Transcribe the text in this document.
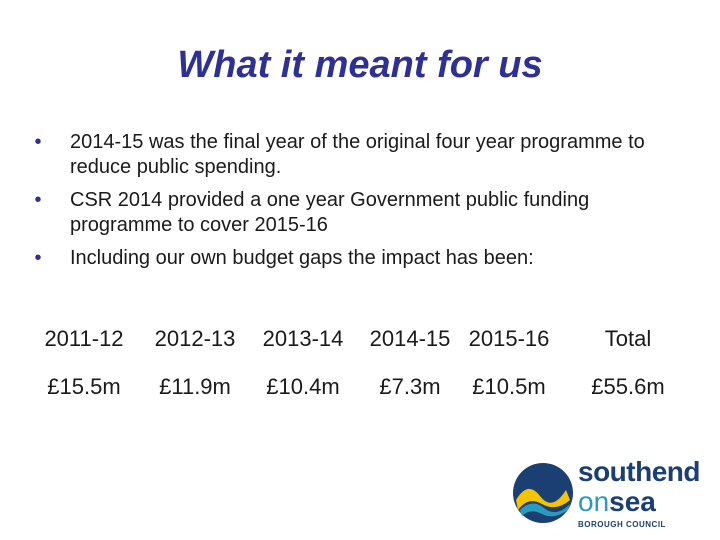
What it meant for us
•	2014-15 was the final year of the original four year programme to reduce public spending.
•	CSR 2014 provided a one year Government public funding programme to cover 2015-16
•	Including our own budget gaps the impact has been:
2011-12	2012-13	2013-14	2014-15 2015-16	Total
£15.5m	£11.9m	£10.4m	£7.3m	£10.5m	£55.6m
southend
onsea
BOROUGH COUNCIL
